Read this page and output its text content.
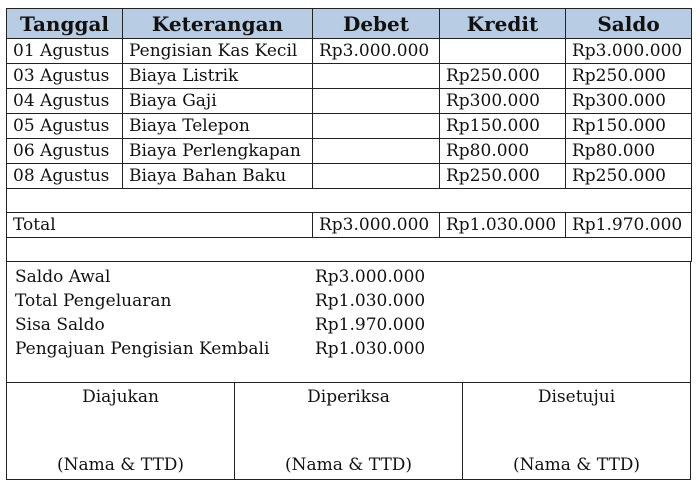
Tanggal	Keterangan	Debet	Kredit	Saldo
01 Agustus	Pengisian Kas Kecil	Rp3.000.000		Rp3.000.000
03 Agustus	Biaya Listrik		Rp250.000	Rp250.000
04 Agustus	Biaya Gaji		Rp300.000	Rp300.000
05 Agustus	Biaya Telepon		Rp150.000	Rp150.000
06 Agustus	Biaya Perlengkapan		Rp80.000	Rp80.000
08 Agustus	Biaya Bahan Baku		Rp250.000	Rp250.000

Total		Rp3.000.000	Rp1.030.000	Rp1.970.000

Saldo Awal	Rp3.000.000
Total Pengeluaran	Rp1.030.000
Sisa Saldo	Rp1.970.000
Pengajuan Pengisian Kembali	Rp1.030.000
Diajukan
(Nama & TTD)
Diperiksa
(Nama & TTD)
Disetujui
(Nama & TTD)
